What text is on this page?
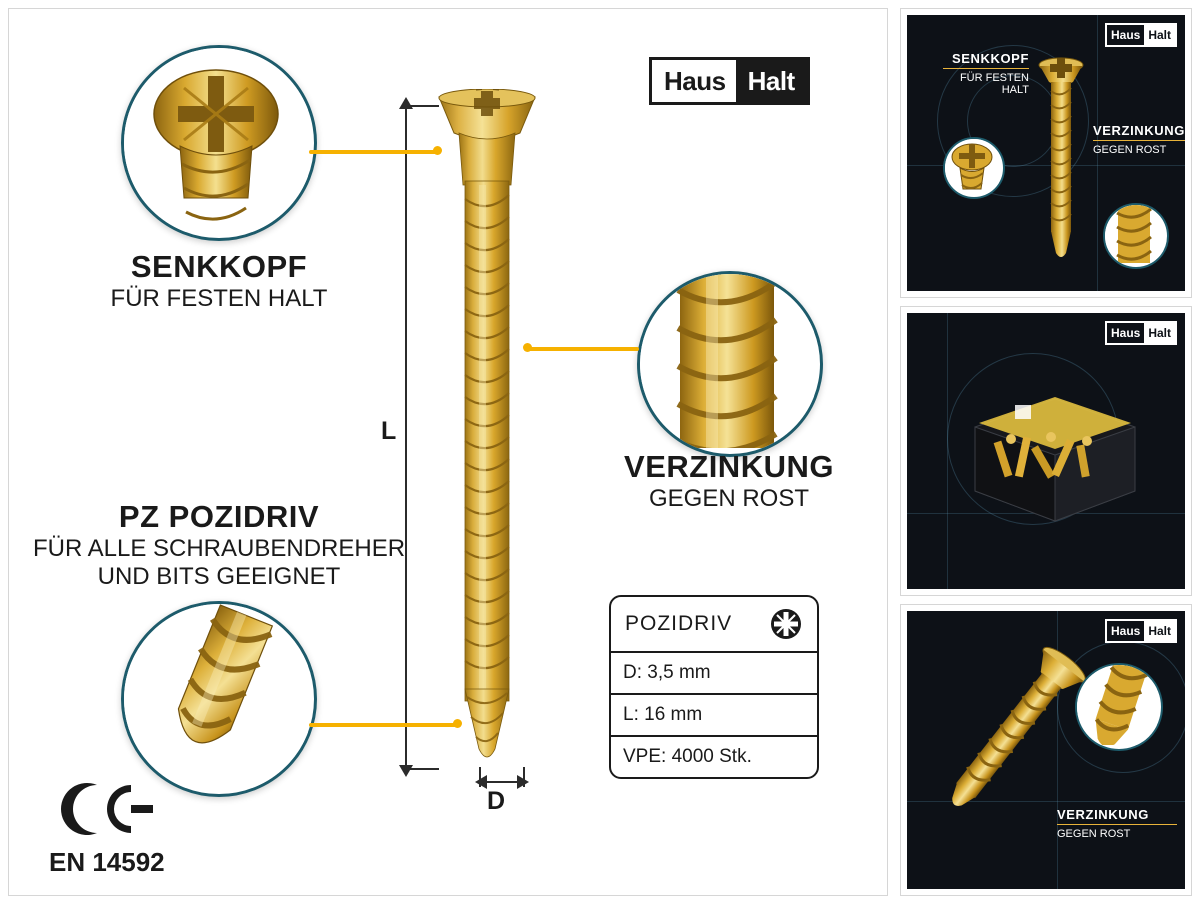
Haus Halt
L
D
SENKKOPF
FÜR FESTEN HALT
VERZINKUNG
GEGEN ROST
PZ POZIDRIV
FÜR ALLE SCHRAUBENDREHER
UND BITS GEEIGNET
POZIDRIV
D: 3,5 mm
L: 16 mm
VPE: 4000 Stk.
EN 14592
Haus Halt
SENKKOPF
FÜR FESTEN
HALT
VERZINKUNG
GEGEN ROST
Haus Halt
Haus Halt
VERZINKUNG
GEGEN ROST
